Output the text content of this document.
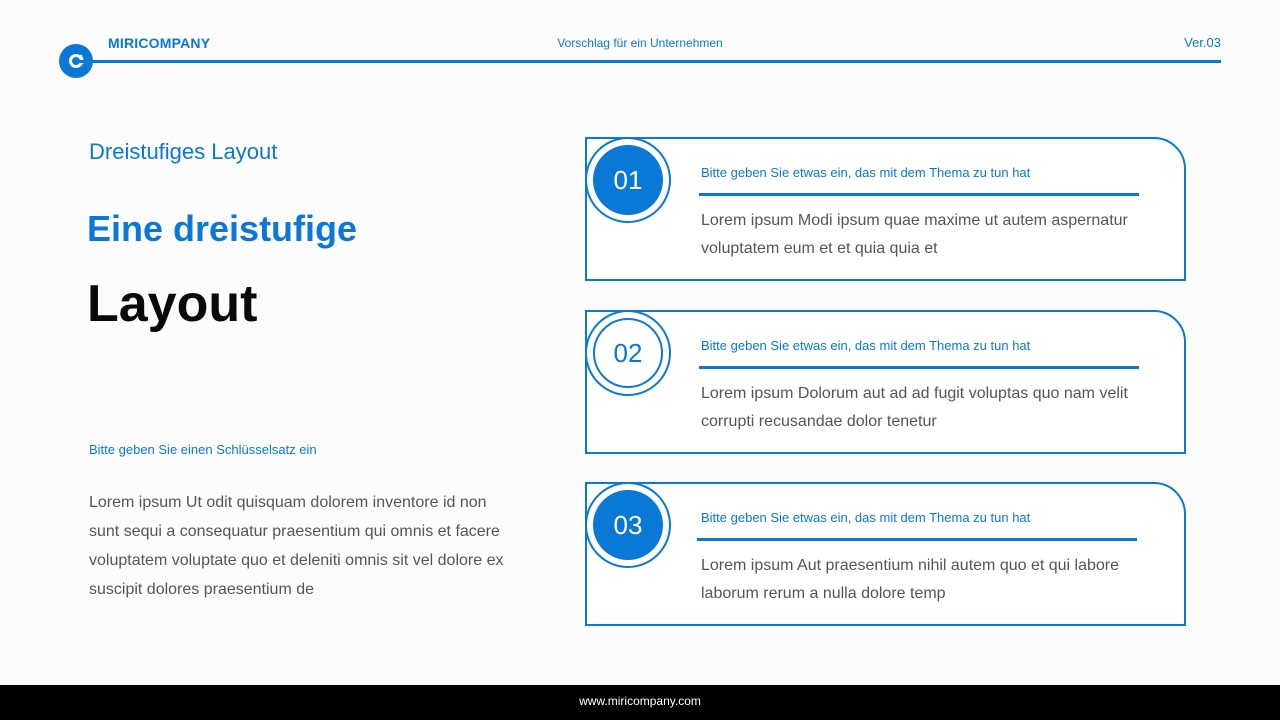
MIRICOMPANY	Vorschlag für ein Unternehmen	Ver.03
Dreistufiges Layout
Eine dreistufige
Layout
Bitte geben Sie einen Schlüsselsatz ein
Lorem ipsum Ut odit quisquam dolorem inventore id non sunt sequi a consequatur praesentium qui omnis et facere voluptatem voluptate quo et deleniti omnis sit vel dolore ex suscipit dolores praesentium de
01	Bitte geben Sie etwas ein, das mit dem Thema zu tun hat
Lorem ipsum Modi ipsum quae maxime ut autem aspernatur voluptatem eum et et quia quia et
02	Bitte geben Sie etwas ein, das mit dem Thema zu tun hat
Lorem ipsum Dolorum aut ad ad fugit voluptas quo nam velit corrupti recusandae dolor tenetur
03	Bitte geben Sie etwas ein, das mit dem Thema zu tun hat
Lorem ipsum Aut praesentium nihil autem quo et qui labore laborum rerum a nulla dolore temp
www.miricompany.com
